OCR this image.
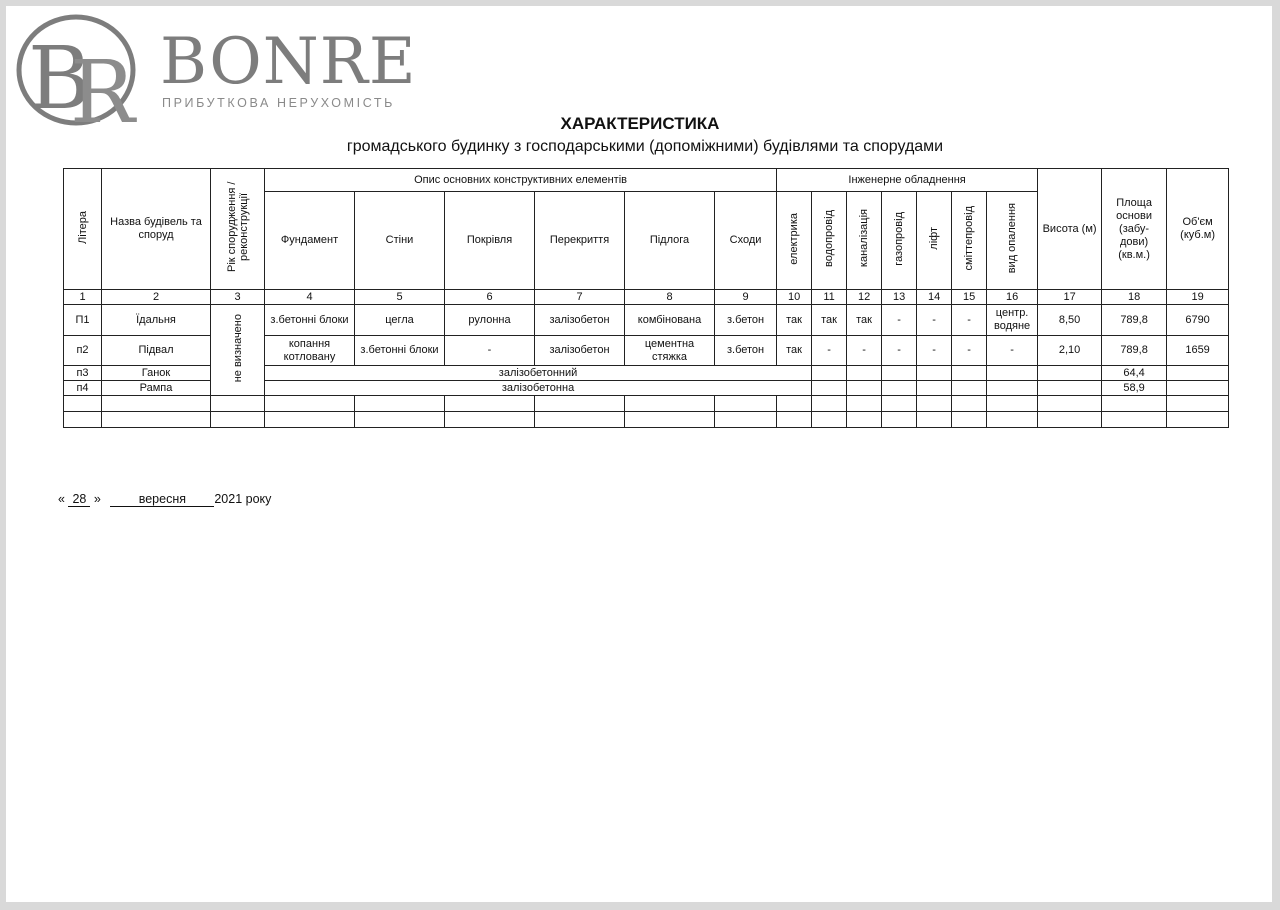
B
R BONRE
ПРИБУТКОВА НЕРУХОМІСТЬ
ХАРАКТЕРИСТИКА
громадського будинку з господарськими (допоміжними) будівлями та спорудами
Літера	Назва будівель та споруд	Рік спорудження / реконструкції	Опис основних конструктивних елементів						Інженерне обладнення							Висота (м)	Площа основи (забу-дови) (кв.м.)	Об'єм (куб.м)
			Фундамент	Стіни	Покрівля	Перекриття	Підлога	Сходи	електрика	водопровід	каналізація	газопровід	ліфт	сміттепровід	вид опалення			
1	2	3	4	5	6	7	8	9	10	11	12	13	14	15	16	17	18	19
П1	Їдальня	не визначено	з.бетонні блоки	цегла	рулонна	залізобетон	комбінована	з.бетон	так	так	так	-	-	-	центр. водяне	8,50	789,8	6790
п2	Підвал		копання котловану	з.бетонні блоки	-	залізобетон	цементна стяжка	з.бетон	так	-	-	-	-	-	-	2,10	789,8	1659
п3	Ганок		залізобетонний														64,4	
п4	Рампа		залізобетонна														58,9	

« 28 »	вересня 2021 року
